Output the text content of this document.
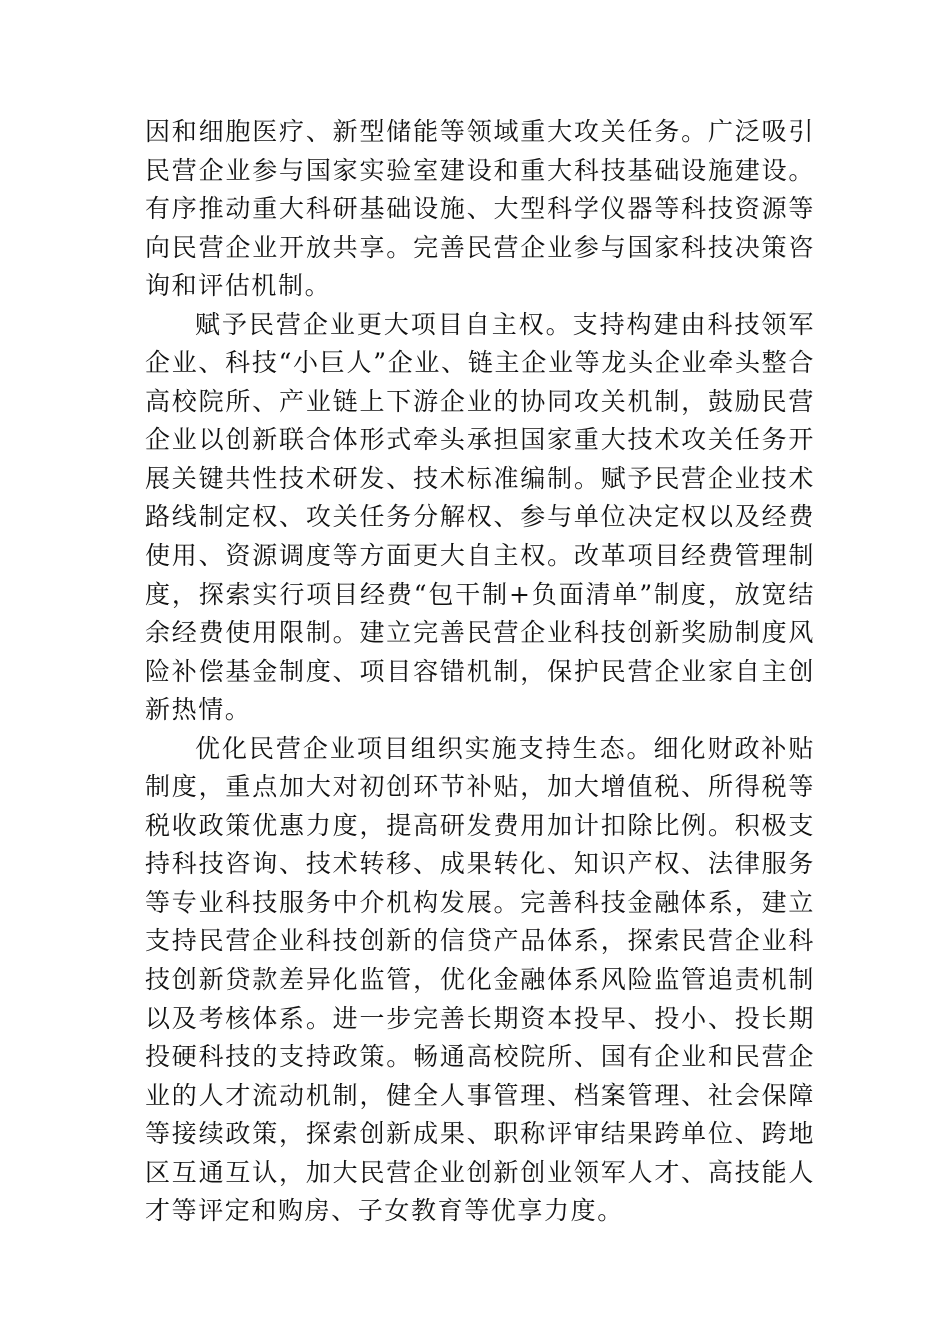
因和细胞医疗、新型储能等领域重大攻关任务。广泛吸引民营企业参与国家实验室建设和重大科技基础设施建设。有序推动重大科研基础设施、大型科学仪器等科技资源等向民营企业开放共享。完善民营企业参与国家科技决策咨询和评估机制。

赋予民营企业更大项目自主权。支持构建由科技领军企业、科技“小巨人”企业、链主企业等龙头企业牵头整合高校院所、产业链上下游企业的协同攻关机制，鼓励民营企业以创新联合体形式牵头承担国家重大技术攻关任务开展关键共性技术研发、技术标准编制。赋予民营企业技术路线制定权、攻关任务分解权、参与单位决定权以及经费使用、资源调度等方面更大自主权。改革项目经费管理制度，探索实行项目经费“包干制+负面清单”制度，放宽结余经费使用限制。建立完善民营企业科技创新奖励制度风险补偿基金制度、项目容错机制，保护民营企业家自主创新热情。

优化民营企业项目组织实施支持生态。细化财政补贴制度，重点加大对初创环节补贴，加大增值税、所得税等税收政策优惠力度，提高研发费用加计扣除比例。积极支持科技咨询、技术转移、成果转化、知识产权、法律服务等专业科技服务中介机构发展。完善科技金融体系，建立支持民营企业科技创新的信贷产品体系，探索民营企业科技创新贷款差异化监管，优化金融体系风险监管追责机制以及考核体系。进一步完善长期资本投早、投小、投长期投硬科技的支持政策。畅通高校院所、国有企业和民营企业的人才流动机制，健全人事管理、档案管理、社会保障等接续政策，探索创新成果、职称评审结果跨单位、跨地区互通互认，加大民营企业创新创业领军人才、高技能人才等评定和购房、子女教育等优享力度。
